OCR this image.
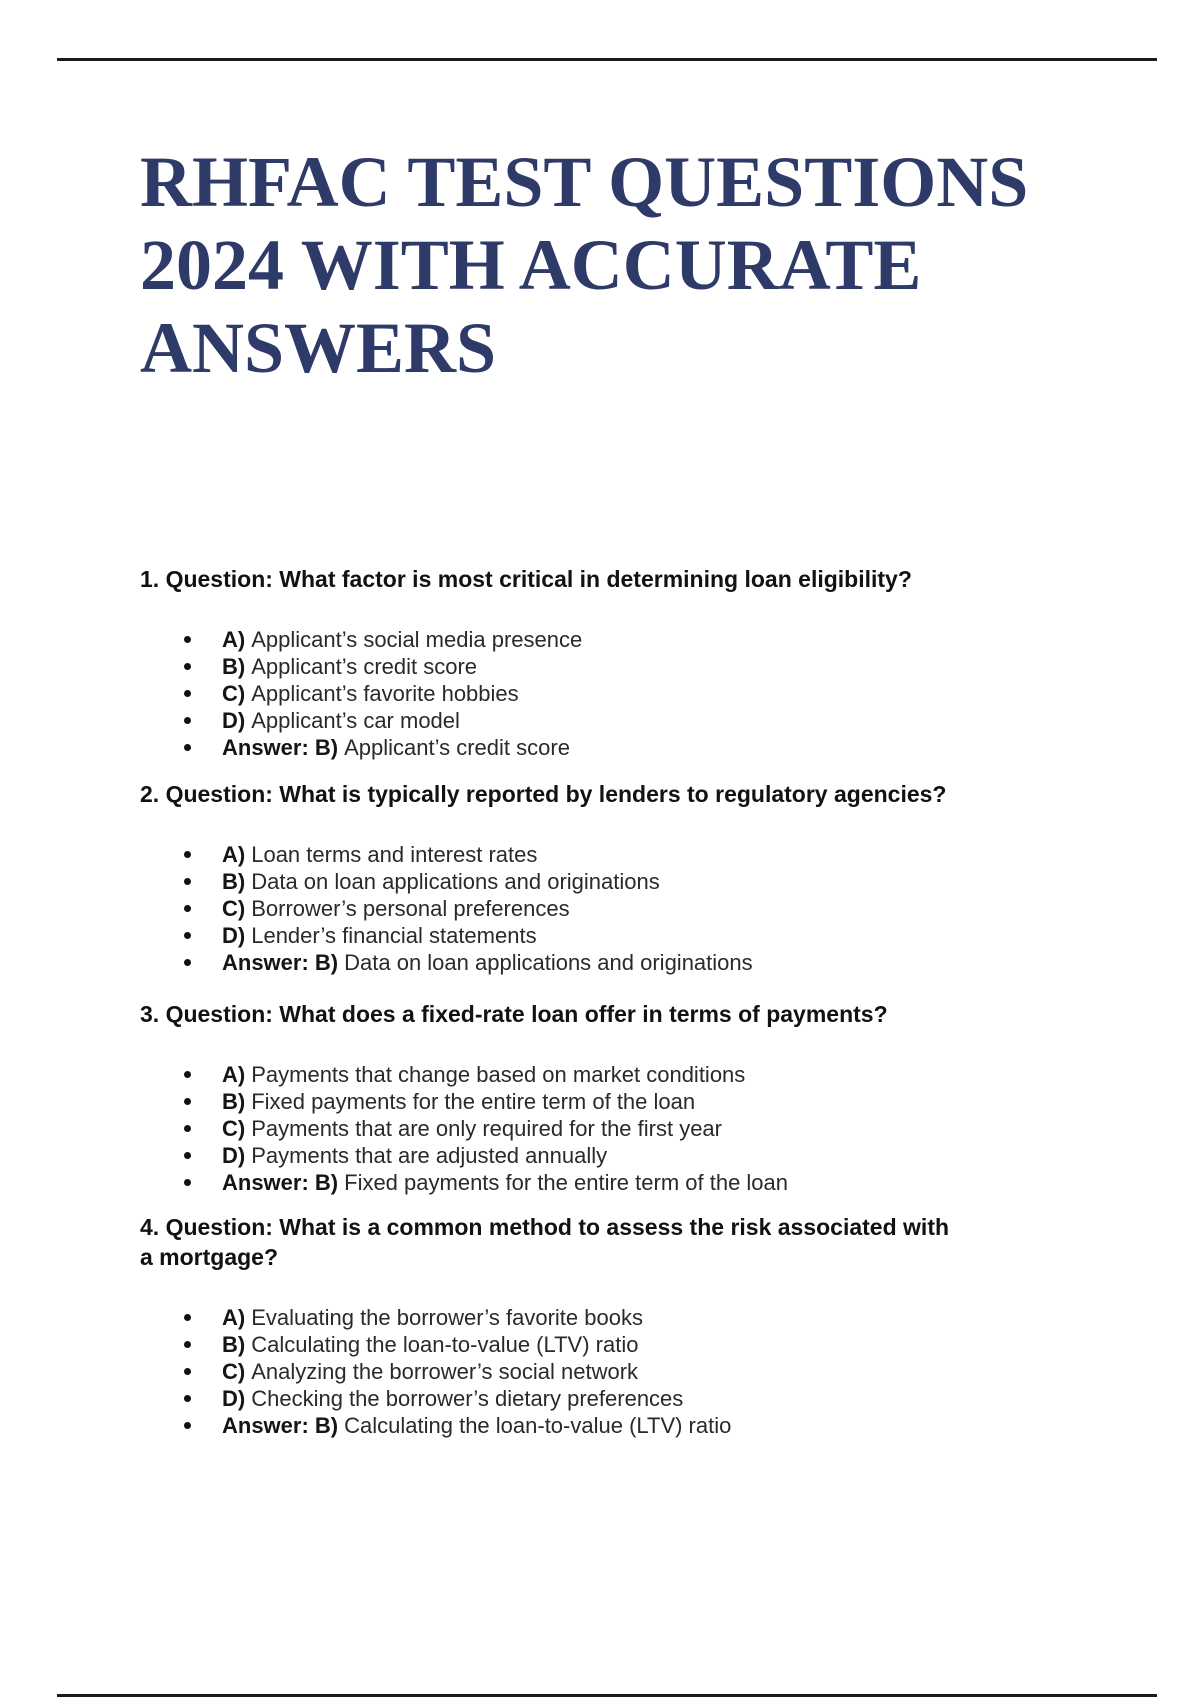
RHFAC TEST QUESTIONS
2024 WITH ACCURATE
ANSWERS
1. Question: What factor is most critical in determining loan eligibility?
A) Applicant’s social media presence
B) Applicant’s credit score
C) Applicant’s favorite hobbies
D) Applicant’s car model
Answer: B) Applicant’s credit score
2. Question: What is typically reported by lenders to regulatory agencies?
A) Loan terms and interest rates
B) Data on loan applications and originations
C) Borrower’s personal preferences
D) Lender’s financial statements
Answer: B) Data on loan applications and originations
3. Question: What does a fixed-rate loan offer in terms of payments?
A) Payments that change based on market conditions
B) Fixed payments for the entire term of the loan
C) Payments that are only required for the first year
D) Payments that are adjusted annually
Answer: B) Fixed payments for the entire term of the loan
4. Question: What is a common method to assess the risk associated with
a mortgage?
A) Evaluating the borrower’s favorite books
B) Calculating the loan-to-value (LTV) ratio
C) Analyzing the borrower’s social network
D) Checking the borrower’s dietary preferences
Answer: B) Calculating the loan-to-value (LTV) ratio
